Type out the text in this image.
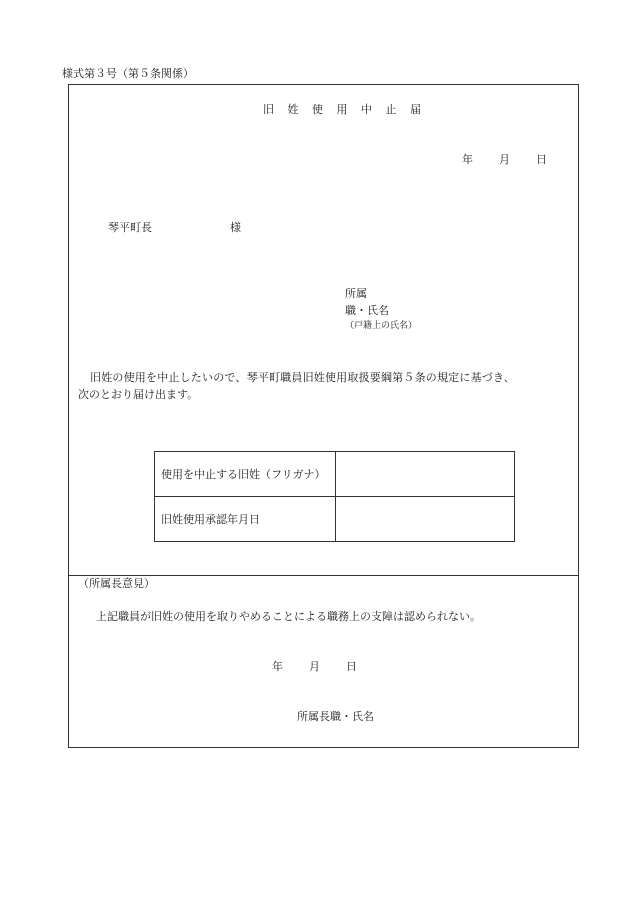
様式第３号（第５条関係）
旧 姓 使 用 中 止 届
年 月 日
琴平町長	様
所属
職・氏名
（戸籍上の氏名）
旧姓の使用を中止したいので、琴平町職員旧姓使用取扱要綱第５条の規定に基づき、
次のとおり届け出ます。
使用を中止する旧姓（フリガナ）	
旧姓使用承認年月日	
（所属長意見）
上記職員が旧姓の使用を取りやめることによる職務上の支障は認められない。
年 月 日
所属長職・氏名
